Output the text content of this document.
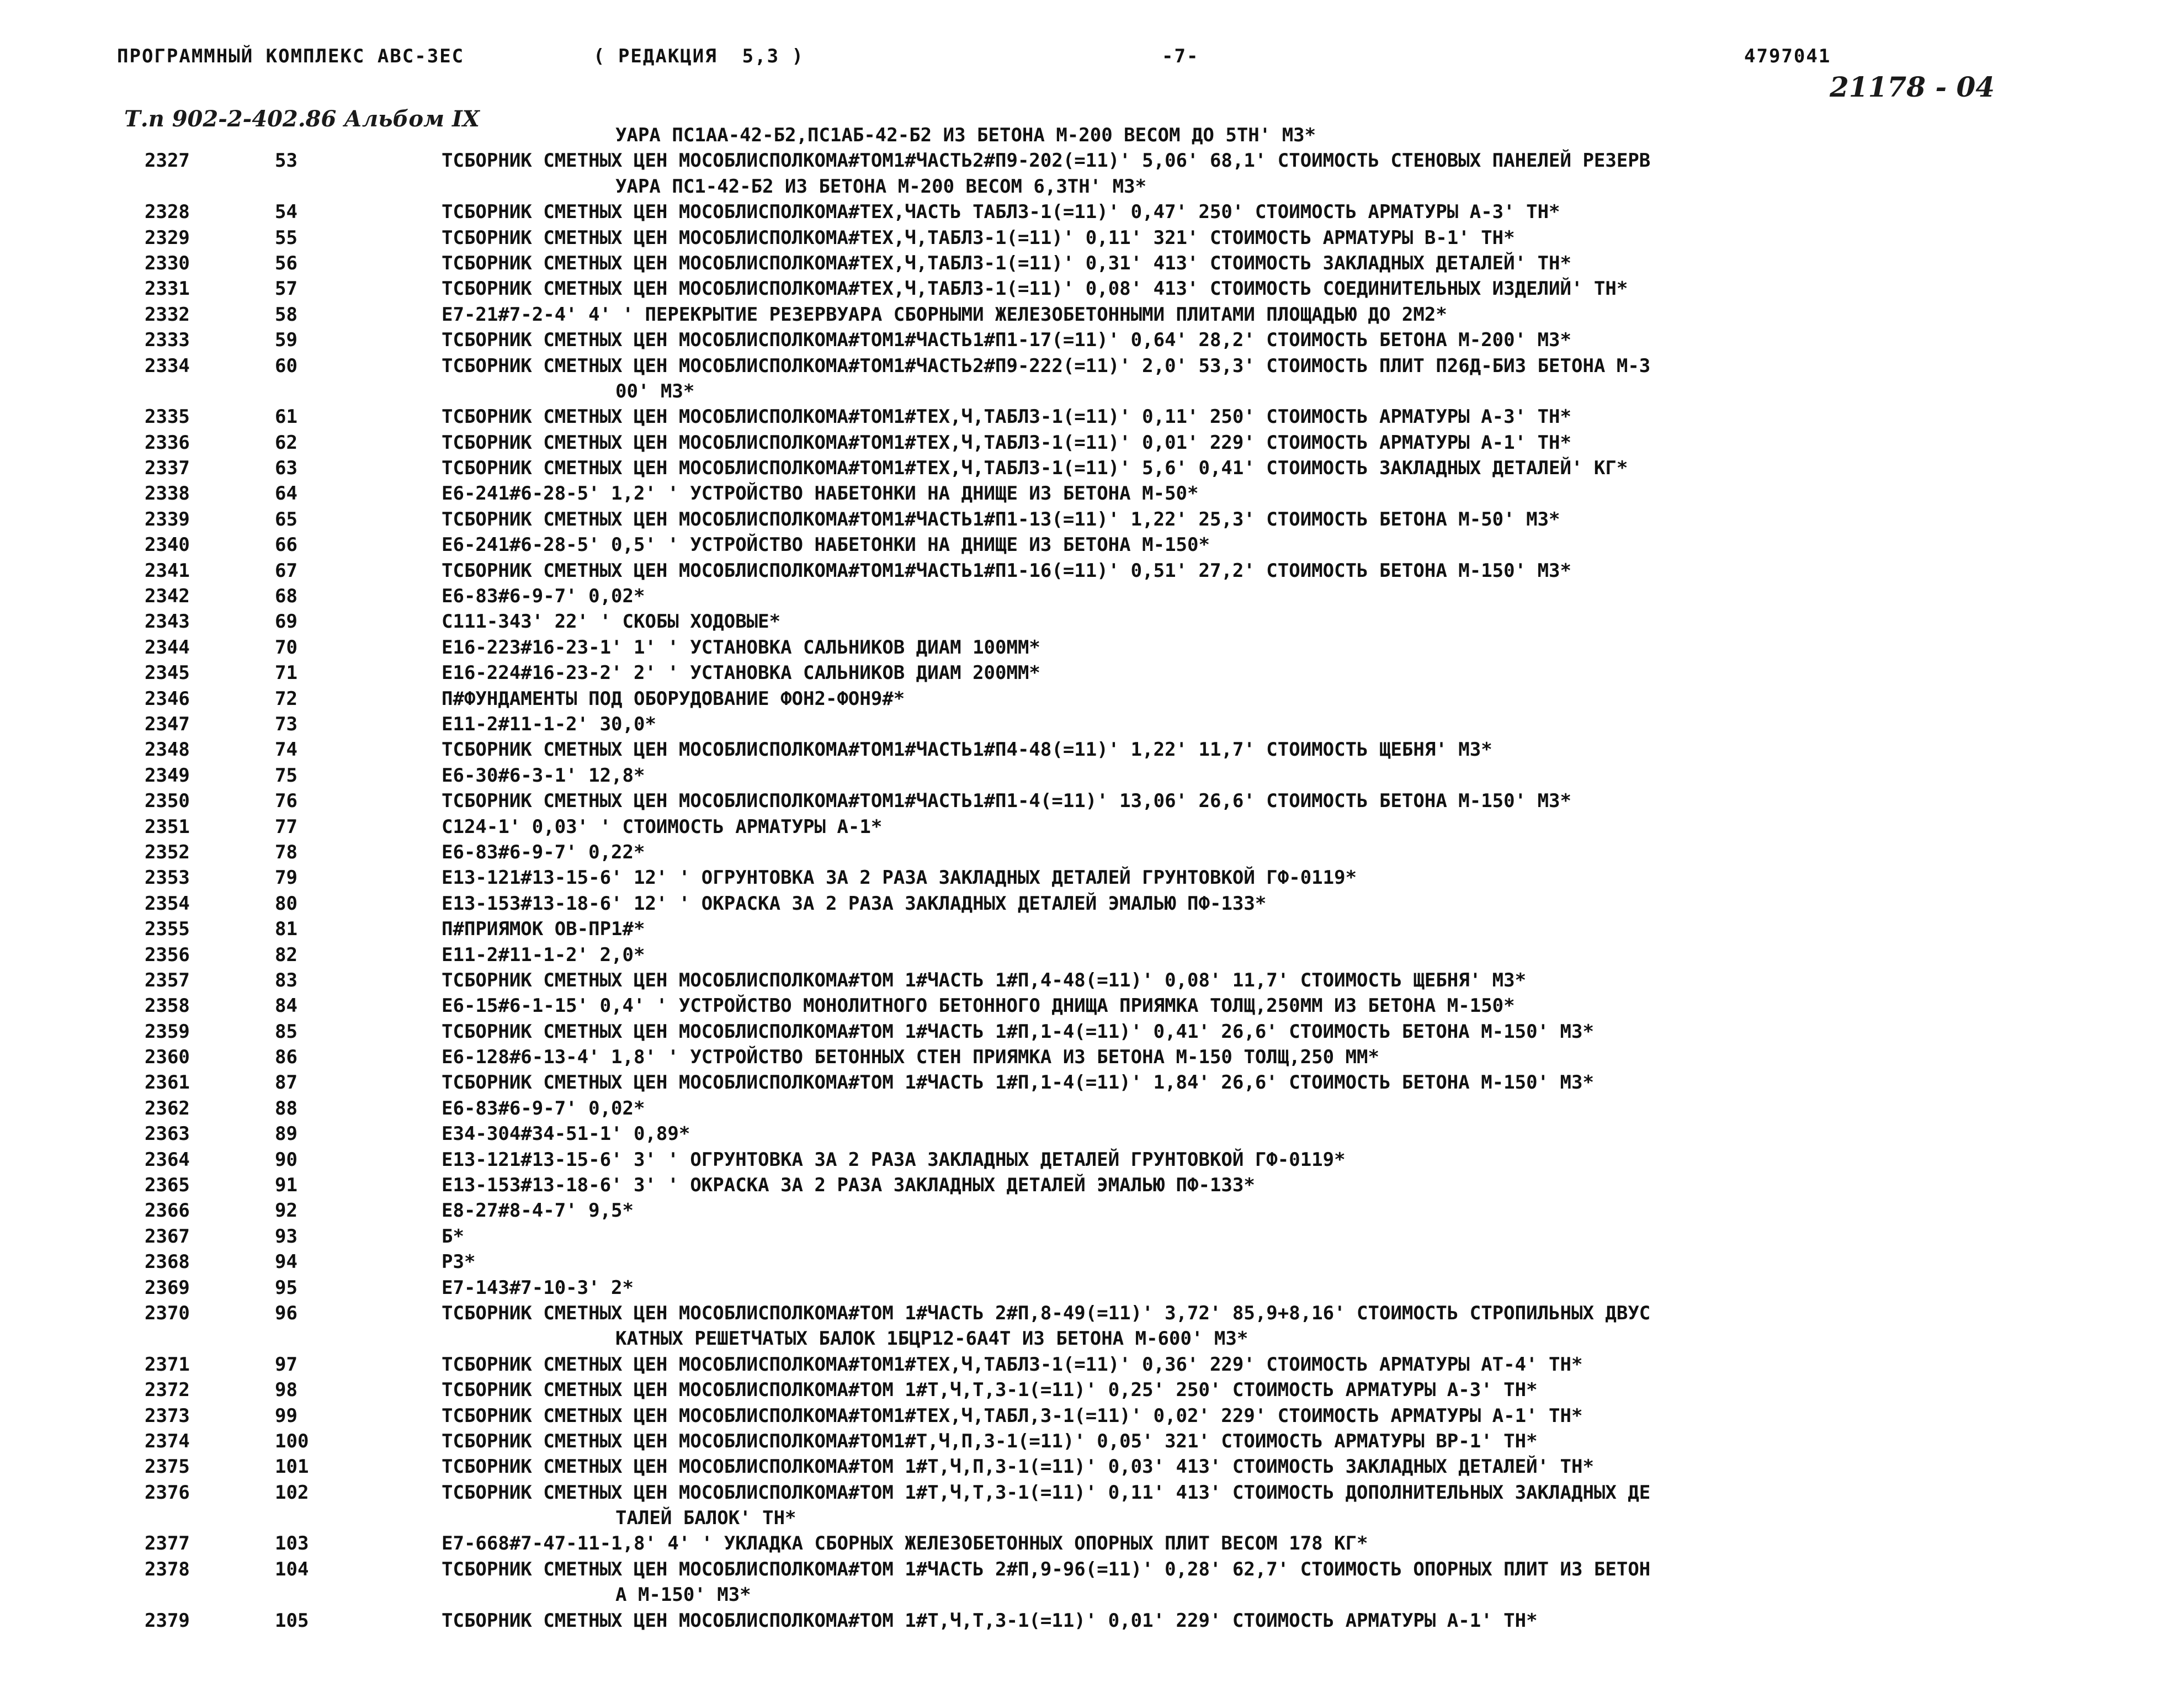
ПРОГРАММНЫЙ КОМПЛЕКС АВС-3ЕС	( РЕДАКЦИЯ  5,3 )	-7-	4797041
21178 - 04
Т.п 902-2-402.86 Альбом IX
УАРА ПС1АА-42-Б2,ПС1АБ-42-Б2 ИЗ БЕТОНА М-200 ВЕСОМ ДО 5ТН' М3*
2327	53	ТСБОРНИК СМЕТНЫХ ЦЕН МОСОБЛИСПОЛКОМА#ТОМ1#ЧАСТЬ2#П9-202(=11)' 5,06' 68,1' СТОИМОСТЬ СТЕНОВЫХ ПАНЕЛЕЙ РЕЗЕРВ
УАРА ПС1-42-Б2 ИЗ БЕТОНА М-200 ВЕСОМ 6,3ТН' М3*
2328	54	ТСБОРНИК СМЕТНЫХ ЦЕН МОСОБЛИСПОЛКОМА#ТЕХ,ЧАСТЬ ТАБЛ3-1(=11)' 0,47' 250' СТОИМОСТЬ АРМАТУРЫ А-3' ТН*
2329	55	ТСБОРНИК СМЕТНЫХ ЦЕН МОСОБЛИСПОЛКОМА#ТЕХ,Ч,ТАБЛ3-1(=11)' 0,11' 321' СТОИМОСТЬ АРМАТУРЫ В-1' ТН*
2330	56	ТСБОРНИК СМЕТНЫХ ЦЕН МОСОБЛИСПОЛКОМА#ТЕХ,Ч,ТАБЛ3-1(=11)' 0,31' 413' СТОИМОСТЬ ЗАКЛАДНЫХ ДЕТАЛЕЙ' ТН*
2331	57	ТСБОРНИК СМЕТНЫХ ЦЕН МОСОБЛИСПОЛКОМА#ТЕХ,Ч,ТАБЛ3-1(=11)' 0,08' 413' СТОИМОСТЬ СОЕДИНИТЕЛЬНЫХ ИЗДЕЛИЙ' ТН*
2332	58	Е7-21#7-2-4' 4' ' ПЕРЕКРЫТИЕ РЕЗЕРВУАРА СБОРНЫМИ ЖЕЛЕЗОБЕТОННЫМИ ПЛИТАМИ ПЛОЩАДЬЮ ДО 2М2*
2333	59	ТСБОРНИК СМЕТНЫХ ЦЕН МОСОБЛИСПОЛКОМА#ТОМ1#ЧАСТЬ1#П1-17(=11)' 0,64' 28,2' СТОИМОСТЬ БЕТОНА М-200' М3*
2334	60	ТСБОРНИК СМЕТНЫХ ЦЕН МОСОБЛИСПОЛКОМА#ТОМ1#ЧАСТЬ2#П9-222(=11)' 2,0' 53,3' СТОИМОСТЬ ПЛИТ П26Д-БИЗ БЕТОНА М-3
00' М3*
2335	61	ТСБОРНИК СМЕТНЫХ ЦЕН МОСОБЛИСПОЛКОМА#ТОМ1#ТЕХ,Ч,ТАБЛ3-1(=11)' 0,11' 250' СТОИМОСТЬ АРМАТУРЫ А-3' ТН*
2336	62	ТСБОРНИК СМЕТНЫХ ЦЕН МОСОБЛИСПОЛКОМА#ТОМ1#ТЕХ,Ч,ТАБЛ3-1(=11)' 0,01' 229' СТОИМОСТЬ АРМАТУРЫ А-1' ТН*
2337	63	ТСБОРНИК СМЕТНЫХ ЦЕН МОСОБЛИСПОЛКОМА#ТОМ1#ТЕХ,Ч,ТАБЛ3-1(=11)' 5,6' 0,41' СТОИМОСТЬ ЗАКЛАДНЫХ ДЕТАЛЕЙ' КГ*
2338	64	Е6-241#6-28-5' 1,2' ' УСТРОЙСТВО НАБЕТОНКИ НА ДНИЩЕ ИЗ БЕТОНА М-50*
2339	65	ТСБОРНИК СМЕТНЫХ ЦЕН МОСОБЛИСПОЛКОМА#ТОМ1#ЧАСТЬ1#П1-13(=11)' 1,22' 25,3' СТОИМОСТЬ БЕТОНА М-50' М3*
2340	66	Е6-241#6-28-5' 0,5' ' УСТРОЙСТВО НАБЕТОНКИ НА ДНИЩЕ ИЗ БЕТОНА М-150*
2341	67	ТСБОРНИК СМЕТНЫХ ЦЕН МОСОБЛИСПОЛКОМА#ТОМ1#ЧАСТЬ1#П1-16(=11)' 0,51' 27,2' СТОИМОСТЬ БЕТОНА М-150' М3*
2342	68	Е6-83#6-9-7' 0,02*
2343	69	С111-343' 22' ' СКОБЫ ХОДОВЫЕ*
2344	70	Е16-223#16-23-1' 1' ' УСТАНОВКА САЛЬНИКОВ ДИАМ 100ММ*
2345	71	Е16-224#16-23-2' 2' ' УСТАНОВКА САЛЬНИКОВ ДИАМ 200ММ*
2346	72	П#ФУНДАМЕНТЫ ПОД ОБОРУДОВАНИЕ ФОН2-ФОН9#*
2347	73	Е11-2#11-1-2' 30,0*
2348	74	ТСБОРНИК СМЕТНЫХ ЦЕН МОСОБЛИСПОЛКОМА#ТОМ1#ЧАСТЬ1#П4-48(=11)' 1,22' 11,7' СТОИМОСТЬ ЩЕБНЯ' М3*
2349	75	Е6-30#6-3-1' 12,8*
2350	76	ТСБОРНИК СМЕТНЫХ ЦЕН МОСОБЛИСПОЛКОМА#ТОМ1#ЧАСТЬ1#П1-4(=11)' 13,06' 26,6' СТОИМОСТЬ БЕТОНА М-150' М3*
2351	77	С124-1' 0,03' ' СТОИМОСТЬ АРМАТУРЫ А-1*
2352	78	Е6-83#6-9-7' 0,22*
2353	79	Е13-121#13-15-6' 12' ' ОГРУНТОВКА ЗА 2 РАЗА ЗАКЛАДНЫХ ДЕТАЛЕЙ ГРУНТОВКОЙ ГФ-0119*
2354	80	Е13-153#13-18-6' 12' ' ОКРАСКА ЗА 2 РАЗА ЗАКЛАДНЫХ ДЕТАЛЕЙ ЭМАЛЬЮ ПФ-133*
2355	81	П#ПРИЯМОК ОВ-ПР1#*
2356	82	Е11-2#11-1-2' 2,0*
2357	83	ТСБОРНИК СМЕТНЫХ ЦЕН МОСОБЛИСПОЛКОМА#ТОМ 1#ЧАСТЬ 1#П,4-48(=11)' 0,08' 11,7' СТОИМОСТЬ ЩЕБНЯ' М3*
2358	84	Е6-15#6-1-15' 0,4' ' УСТРОЙСТВО МОНОЛИТНОГО БЕТОННОГО ДНИЩА ПРИЯМКА ТОЛЩ,250ММ ИЗ БЕТОНА М-150*
2359	85	ТСБОРНИК СМЕТНЫХ ЦЕН МОСОБЛИСПОЛКОМА#ТОМ 1#ЧАСТЬ 1#П,1-4(=11)' 0,41' 26,6' СТОИМОСТЬ БЕТОНА М-150' М3*
2360	86	Е6-128#6-13-4' 1,8' ' УСТРОЙСТВО БЕТОННЫХ СТЕН ПРИЯМКА ИЗ БЕТОНА М-150 ТОЛЩ,250 ММ*
2361	87	ТСБОРНИК СМЕТНЫХ ЦЕН МОСОБЛИСПОЛКОМА#ТОМ 1#ЧАСТЬ 1#П,1-4(=11)' 1,84' 26,6' СТОИМОСТЬ БЕТОНА М-150' М3*
2362	88	Е6-83#6-9-7' 0,02*
2363	89	Е34-304#34-51-1' 0,89*
2364	90	Е13-121#13-15-6' 3' ' ОГРУНТОВКА ЗА 2 РАЗА ЗАКЛАДНЫХ ДЕТАЛЕЙ ГРУНТОВКОЙ ГФ-0119*
2365	91	Е13-153#13-18-6' 3' ' ОКРАСКА ЗА 2 РАЗА ЗАКЛАДНЫХ ДЕТАЛЕЙ ЭМАЛЬЮ ПФ-133*
2366	92	Е8-27#8-4-7' 9,5*
2367	93	Б*
2368	94	Р3*
2369	95	Е7-143#7-10-3' 2*
2370	96	ТСБОРНИК СМЕТНЫХ ЦЕН МОСОБЛИСПОЛКОМА#ТОМ 1#ЧАСТЬ 2#П,8-49(=11)' 3,72' 85,9+8,16' СТОИМОСТЬ СТРОПИЛЬНЫХ ДВУС
КАТНЫХ РЕШЕТЧАТЫХ БАЛОК 1БЦР12-6А4Т ИЗ БЕТОНА М-600' М3*
2371	97	ТСБОРНИК СМЕТНЫХ ЦЕН МОСОБЛИСПОЛКОМА#ТОМ1#ТЕХ,Ч,ТАБЛ3-1(=11)' 0,36' 229' СТОИМОСТЬ АРМАТУРЫ АТ-4' ТН*
2372	98	ТСБОРНИК СМЕТНЫХ ЦЕН МОСОБЛИСПОЛКОМА#ТОМ 1#Т,Ч,Т,3-1(=11)' 0,25' 250' СТОИМОСТЬ АРМАТУРЫ А-3' ТН*
2373	99	ТСБОРНИК СМЕТНЫХ ЦЕН МОСОБЛИСПОЛКОМА#ТОМ1#ТЕХ,Ч,ТАБЛ,3-1(=11)' 0,02' 229' СТОИМОСТЬ АРМАТУРЫ А-1' ТН*
2374	100	ТСБОРНИК СМЕТНЫХ ЦЕН МОСОБЛИСПОЛКОМА#ТОМ1#Т,Ч,П,3-1(=11)' 0,05' 321' СТОИМОСТЬ АРМАТУРЫ ВР-1' ТН*
2375	101	ТСБОРНИК СМЕТНЫХ ЦЕН МОСОБЛИСПОЛКОМА#ТОМ 1#Т,Ч,П,3-1(=11)' 0,03' 413' СТОИМОСТЬ ЗАКЛАДНЫХ ДЕТАЛЕЙ' ТН*
2376	102	ТСБОРНИК СМЕТНЫХ ЦЕН МОСОБЛИСПОЛКОМА#ТОМ 1#Т,Ч,Т,3-1(=11)' 0,11' 413' СТОИМОСТЬ ДОПОЛНИТЕЛЬНЫХ ЗАКЛАДНЫХ ДЕ
ТАЛЕЙ БАЛОК' ТН*
2377	103	Е7-668#7-47-11-1,8' 4' ' УКЛАДКА СБОРНЫХ ЖЕЛЕЗОБЕТОННЫХ ОПОРНЫХ ПЛИТ ВЕСОМ 178 КГ*
2378	104	ТСБОРНИК СМЕТНЫХ ЦЕН МОСОБЛИСПОЛКОМА#ТОМ 1#ЧАСТЬ 2#П,9-96(=11)' 0,28' 62,7' СТОИМОСТЬ ОПОРНЫХ ПЛИТ ИЗ БЕТОН
А М-150' М3*
2379	105	ТСБОРНИК СМЕТНЫХ ЦЕН МОСОБЛИСПОЛКОМА#ТОМ 1#Т,Ч,Т,3-1(=11)' 0,01' 229' СТОИМОСТЬ АРМАТУРЫ А-1' ТН*
